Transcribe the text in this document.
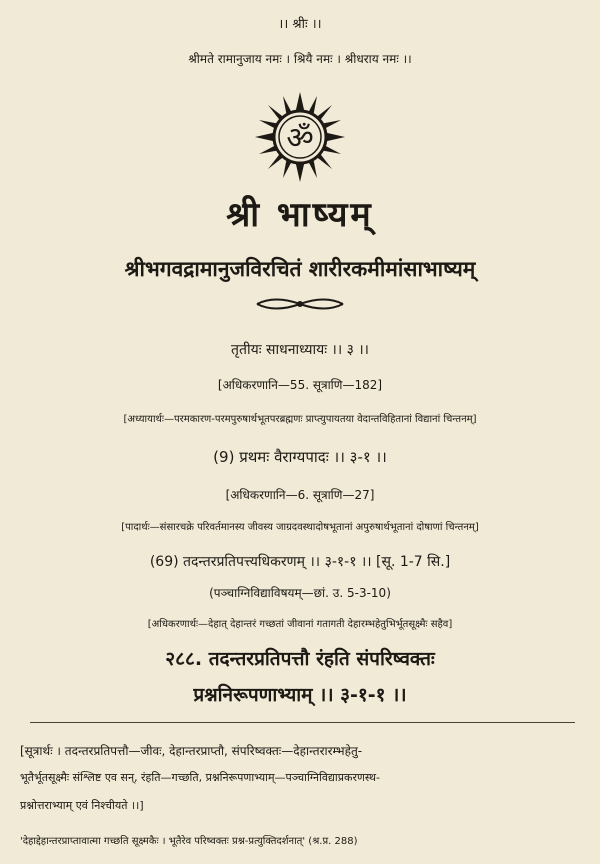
।। श्रीः ।।
श्रीमते रामानुजाय नमः । श्रियै नमः । श्रीधराय नमः ।।
ॐ
श्री भाष्यम्
श्रीभगवद्रामानुजविरचितं शारीरकमीमांसाभाष्यम्
तृतीयः साधनाध्यायः ।। ३ ।।
[अधिकरणानि—55. सूत्राणि—182]
[अध्यायार्थः—परमकारण-परमपुरुषार्थभूतपरब्रह्मणः प्राप्त्युपायतया वेदान्तविहितानां विद्यानां चिन्तनम्]
(9) प्रथमः वैराग्यपादः ।। ३-१ ।।
[अधिकरणानि—6. सूत्राणि—27]
[पादार्थः—संसारचक्रे परिवर्तमानस्य जीवस्य जाग्रदवस्थादोषभूतानां अपुरुषार्थभूतानां दोषाणां चिन्तनम्]
(69) तदन्तरप्रतिपत्त्यधिकरणम् ।। ३-१-१ ।। [सू. 1-7 सि.]
(पञ्चाग्निविद्याविषयम्—छां. उ. 5-3-10)
[अधिकरणार्थः—देहात् देहान्तरं गच्छतां जीवानां गतागती देहारम्भहेतुभिर्भूतसूक्ष्मैः सहैव]
२८८. तदन्तरप्रतिपत्तौ रंहति संपरिष्वक्तः
प्रश्ननिरूपणाभ्याम् ।। ३-१-१ ।।
[सूत्रार्थः । तदन्तरप्रतिपत्तौ—जीवः, देहान्तरप्राप्तौ, संपरिष्वक्तः—देहान्तरारम्भहेतु-
भूतैर्भूतसूक्ष्मैः संश्लिष्ट एव सन्, रंहति—गच्छति, प्रश्ननिरूपणाभ्याम्—पञ्चाग्निविद्याप्रकरणस्थ-
प्रश्नोत्तराभ्याम् एवं निश्चीयते ।।]
'देहाद्देहान्तरप्राप्तावात्मा गच्छति सूक्ष्मकैः । भूतैरेव परिष्वक्तः प्रश्न-प्रत्युक्तिदर्शनात्' (श्र.प्र. 288)
